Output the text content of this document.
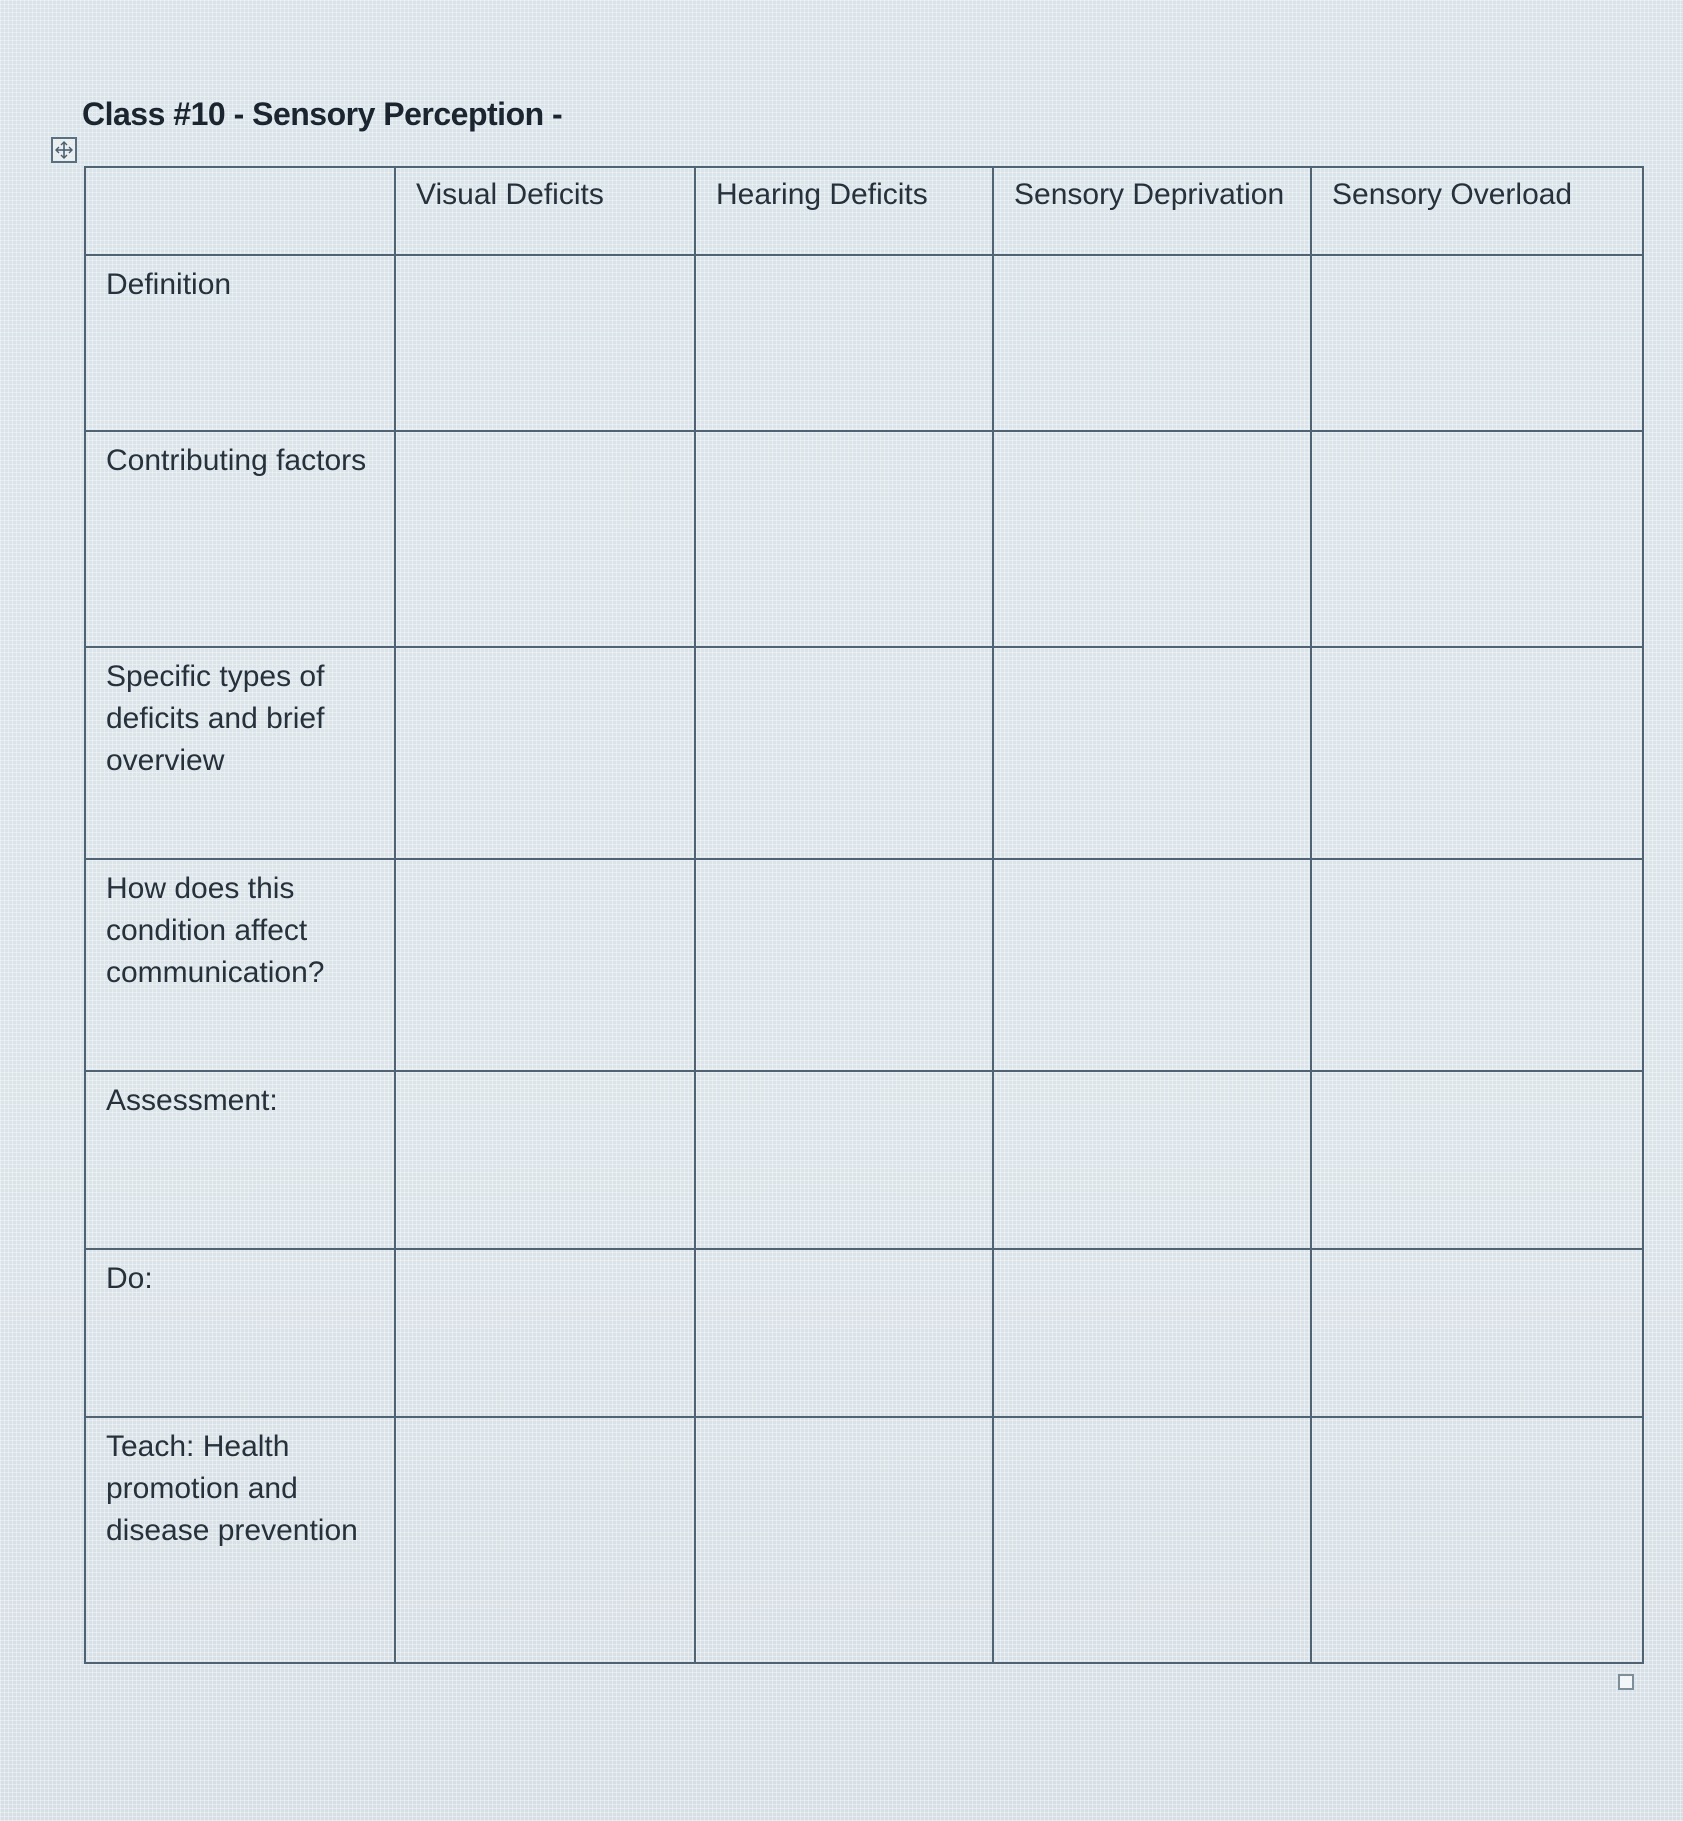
Class #10 - Sensory Perception -
	Visual Deficits	Hearing Deficits	Sensory Deprivation	Sensory Overload
Definition				
Contributing factors				
Specific types of deficits and brief overview				
How does this condition affect communication?				
Assessment:				
Do:				
Teach: Health promotion and disease prevention				
